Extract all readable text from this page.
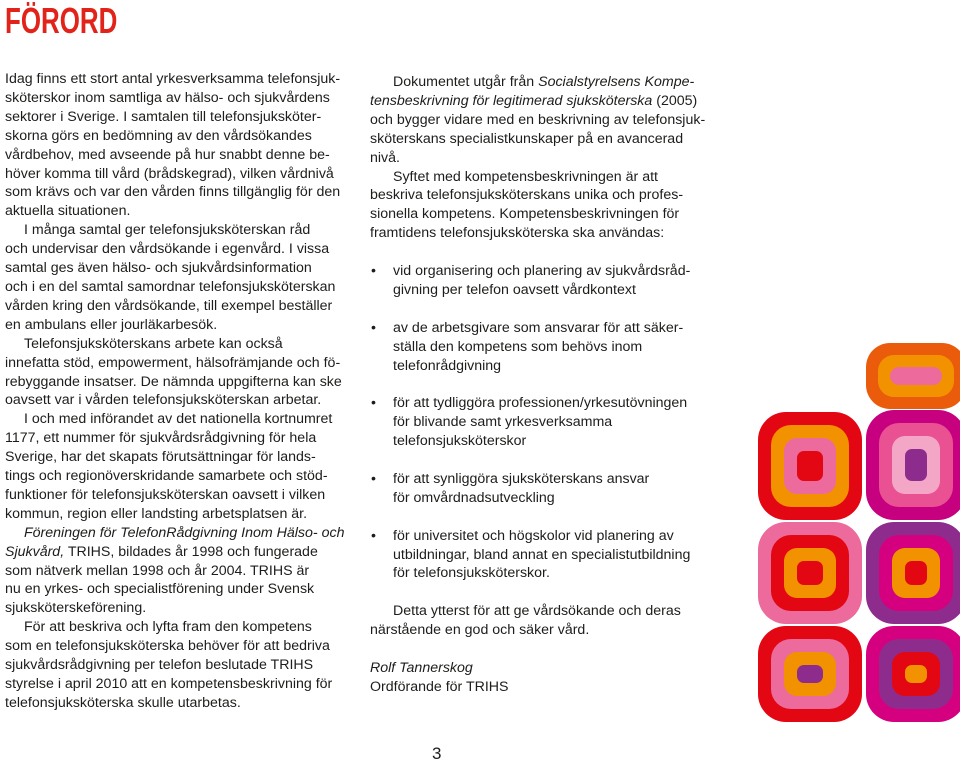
FÖRORD
Idag finns ett stort antal yrkesverksamma telefonsjuk-
sköterskor inom samtliga av hälso- och sjukvårdens
sektorer i Sverige. I samtalen till telefonsjuksköter-
skorna görs en bedömning av den vårdsökandes
vårdbehov, med avseende på hur snabbt denne be-
höver komma till vård (brådskegrad), vilken vårdnivå
som krävs och var den vården finns tillgänglig för den
aktuella situationen.
I många samtal ger telefonsjuksköterskan råd
och undervisar den vårdsökande i egenvård. I vissa
samtal ges även hälso- och sjukvårdsinformation
och i en del samtal samordnar telefonsjuksköterskan
vården kring den vårdsökande, till exempel beställer
en ambulans eller jourläkarbesök.
Telefonsjuksköterskans arbete kan också
innefatta stöd, empowerment, hälsofrämjande och fö-
rebyggande insatser. De nämnda uppgifterna kan ske
oavsett var i vården telefonsjuksköterskan arbetar.
I och med införandet av det nationella kortnumret
1177, ett nummer för sjukvårdsrådgivning för hela
Sverige, har det skapats förutsättningar för lands-
tings och regionöverskridande samarbete och stöd-
funktioner för telefonsjuksköterskan oavsett i vilken
kommun, region eller landsting arbetsplatsen är.
Föreningen för TelefonRådgivning Inom Hälso- och
Sjukvård, TRIHS, bildades år 1998 och fungerade
som nätverk mellan 1998 och år 2004. TRIHS är
nu en yrkes- och specialistförening under Svensk
sjuksköterskeförening.
För att beskriva och lyfta fram den kompetens
som en telefonsjuksköterska behöver för att bedriva
sjukvårdsrådgivning per telefon beslutade TRIHS
styrelse i april 2010 att en kompetensbeskrivning för
telefonsjuksköterska skulle utarbetas.
Dokumentet utgår från Socialstyrelsens Kompe-
tensbeskrivning för legitimerad sjuksköterska (2005)
och bygger vidare med en beskrivning av telefonsjuk-
sköterskans specialistkunskaper på en avancerad
nivå.
Syftet med kompetensbeskrivningen är att
beskriva telefonsjuksköterskans unika och profes-
sionella kompetens. Kompetensbeskrivningen för
framtidens telefonsjuksköterska ska användas:
•	vid organisering och planering av sjukvårdsråd-
givning per telefon oavsett vårdkontext
•	av de arbetsgivare som ansvarar för att säker-
ställa den kompetens som behövs inom
telefonrådgivning
•	för att tydliggöra professionen/yrkesutövningen
för blivande samt yrkesverksamma
telefonsjuksköterskor
•	för att synliggöra sjuksköterskans ansvar
för omvårdnadsutveckling
•	för universitet och högskolor vid planering av
utbildningar, bland annat en specialistutbildning
för telefonsjuksköterskor.
Detta ytterst för att ge vårdsökande och deras
närstående en god och säker vård.
Rolf Tannerskog
Ordförande för TRIHS
3
